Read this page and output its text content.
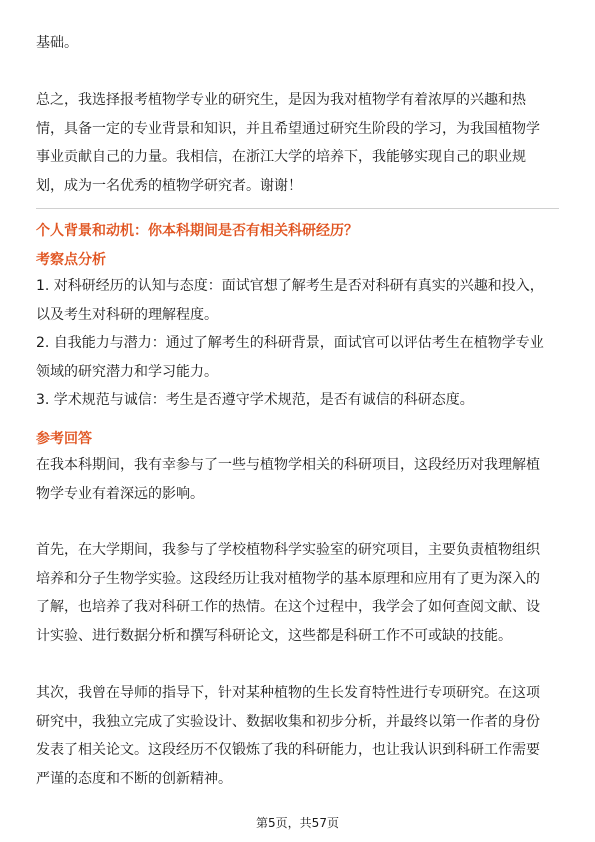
基础。
总之，我选择报考植物学专业的研究生，是因为我对植物学有着浓厚的兴趣和热
情，具备一定的专业背景和知识，并且希望通过研究生阶段的学习，为我国植物学
事业贡献自己的力量。我相信，在浙江大学的培养下，我能够实现自己的职业规
划，成为一名优秀的植物学研究者。谢谢！
个人背景和动机：你本科期间是否有相关科研经历？
考察点分析
1. 对科研经历的认知与态度：面试官想了解考生是否对科研有真实的兴趣和投入，
以及考生对科研的理解程度。
2. 自我能力与潜力：通过了解考生的科研背景，面试官可以评估考生在植物学专业
领域的研究潜力和学习能力。
3. 学术规范与诚信：考生是否遵守学术规范，是否有诚信的科研态度。
参考回答
在我本科期间，我有幸参与了一些与植物学相关的科研项目，这段经历对我理解植
物学专业有着深远的影响。
首先，在大学期间，我参与了学校植物科学实验室的研究项目，主要负责植物组织
培养和分子生物学实验。这段经历让我对植物学的基本原理和应用有了更为深入的
了解，也培养了我对科研工作的热情。在这个过程中，我学会了如何查阅文献、设
计实验、进行数据分析和撰写科研论文，这些都是科研工作不可或缺的技能。
其次，我曾在导师的指导下，针对某种植物的生长发育特性进行专项研究。在这项
研究中，我独立完成了实验设计、数据收集和初步分析，并最终以第一作者的身份
发表了相关论文。这段经历不仅锻炼了我的科研能力，也让我认识到科研工作需要
严谨的态度和不断的创新精神。
第5页，共57页
